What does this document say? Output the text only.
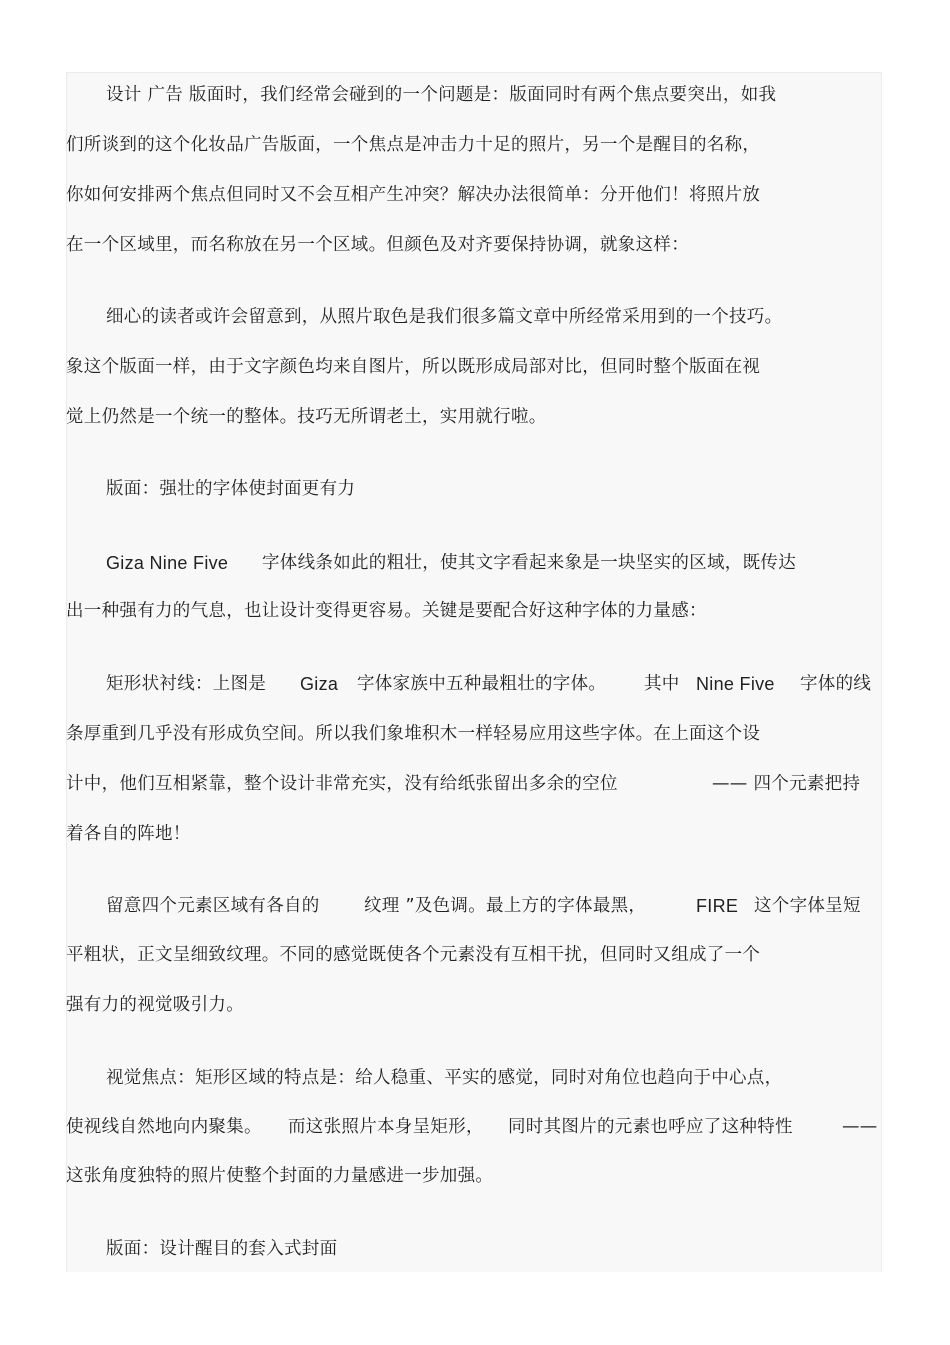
设计 广告 版面时，我们经常会碰到的一个问题是：版面同时有两个焦点要突出，如我
们所谈到的这个化妆品广告版面，一个焦点是冲击力十足的照片，另一个是醒目的名称，
你如何安排两个焦点但同时又不会互相产生冲突？解决办法很简单：分开他们！将照片放
在一个区域里，而名称放在另一个区域。但颜色及对齐要保持协调，就象这样：
细心的读者或许会留意到，从照片取色是我们很多篇文章中所经常采用到的一个技巧。
象这个版面一样，由于文字颜色均来自图片，所以既形成局部对比，但同时整个版面在视
觉上仍然是一个统一的整体。技巧无所谓老土，实用就行啦。
版面：强壮的字体使封面更有力
Giza Nine Five 字体线条如此的粗壮，使其文字看起来象是一块坚实的区域，既传达
出一种强有力的气息，也让设计变得更容易。关键是要配合好这种字体的力量感：
矩形状衬线：上图是 Giza 字体家族中五种最粗壮的字体。 其中 Nine Five 字体的线
条厚重到几乎没有形成负空间。所以我们象堆积木一样轻易应用这些字体。在上面这个设
计中，他们互相紧靠，整个设计非常充实，没有给纸张留出多余的空位	—— 四个元素把持
着各自的阵地！
留意四个元素区域有各自的	纹理 ”及色调。最上方的字体最黑，	FIRE 这个字体呈短
平粗状，正文呈细致纹理。不同的感觉既使各个元素没有互相干扰，但同时又组成了一个
强有力的视觉吸引力。
视觉焦点：矩形区域的特点是：给人稳重、平实的感觉，同时对角位也趋向于中心点，
使视线自然地向内聚集。 而这张照片本身呈矩形， 同时其图片的元素也呼应了这种特性	——
这张角度独特的照片使整个封面的力量感进一步加强。
版面：设计醒目的套入式封面
